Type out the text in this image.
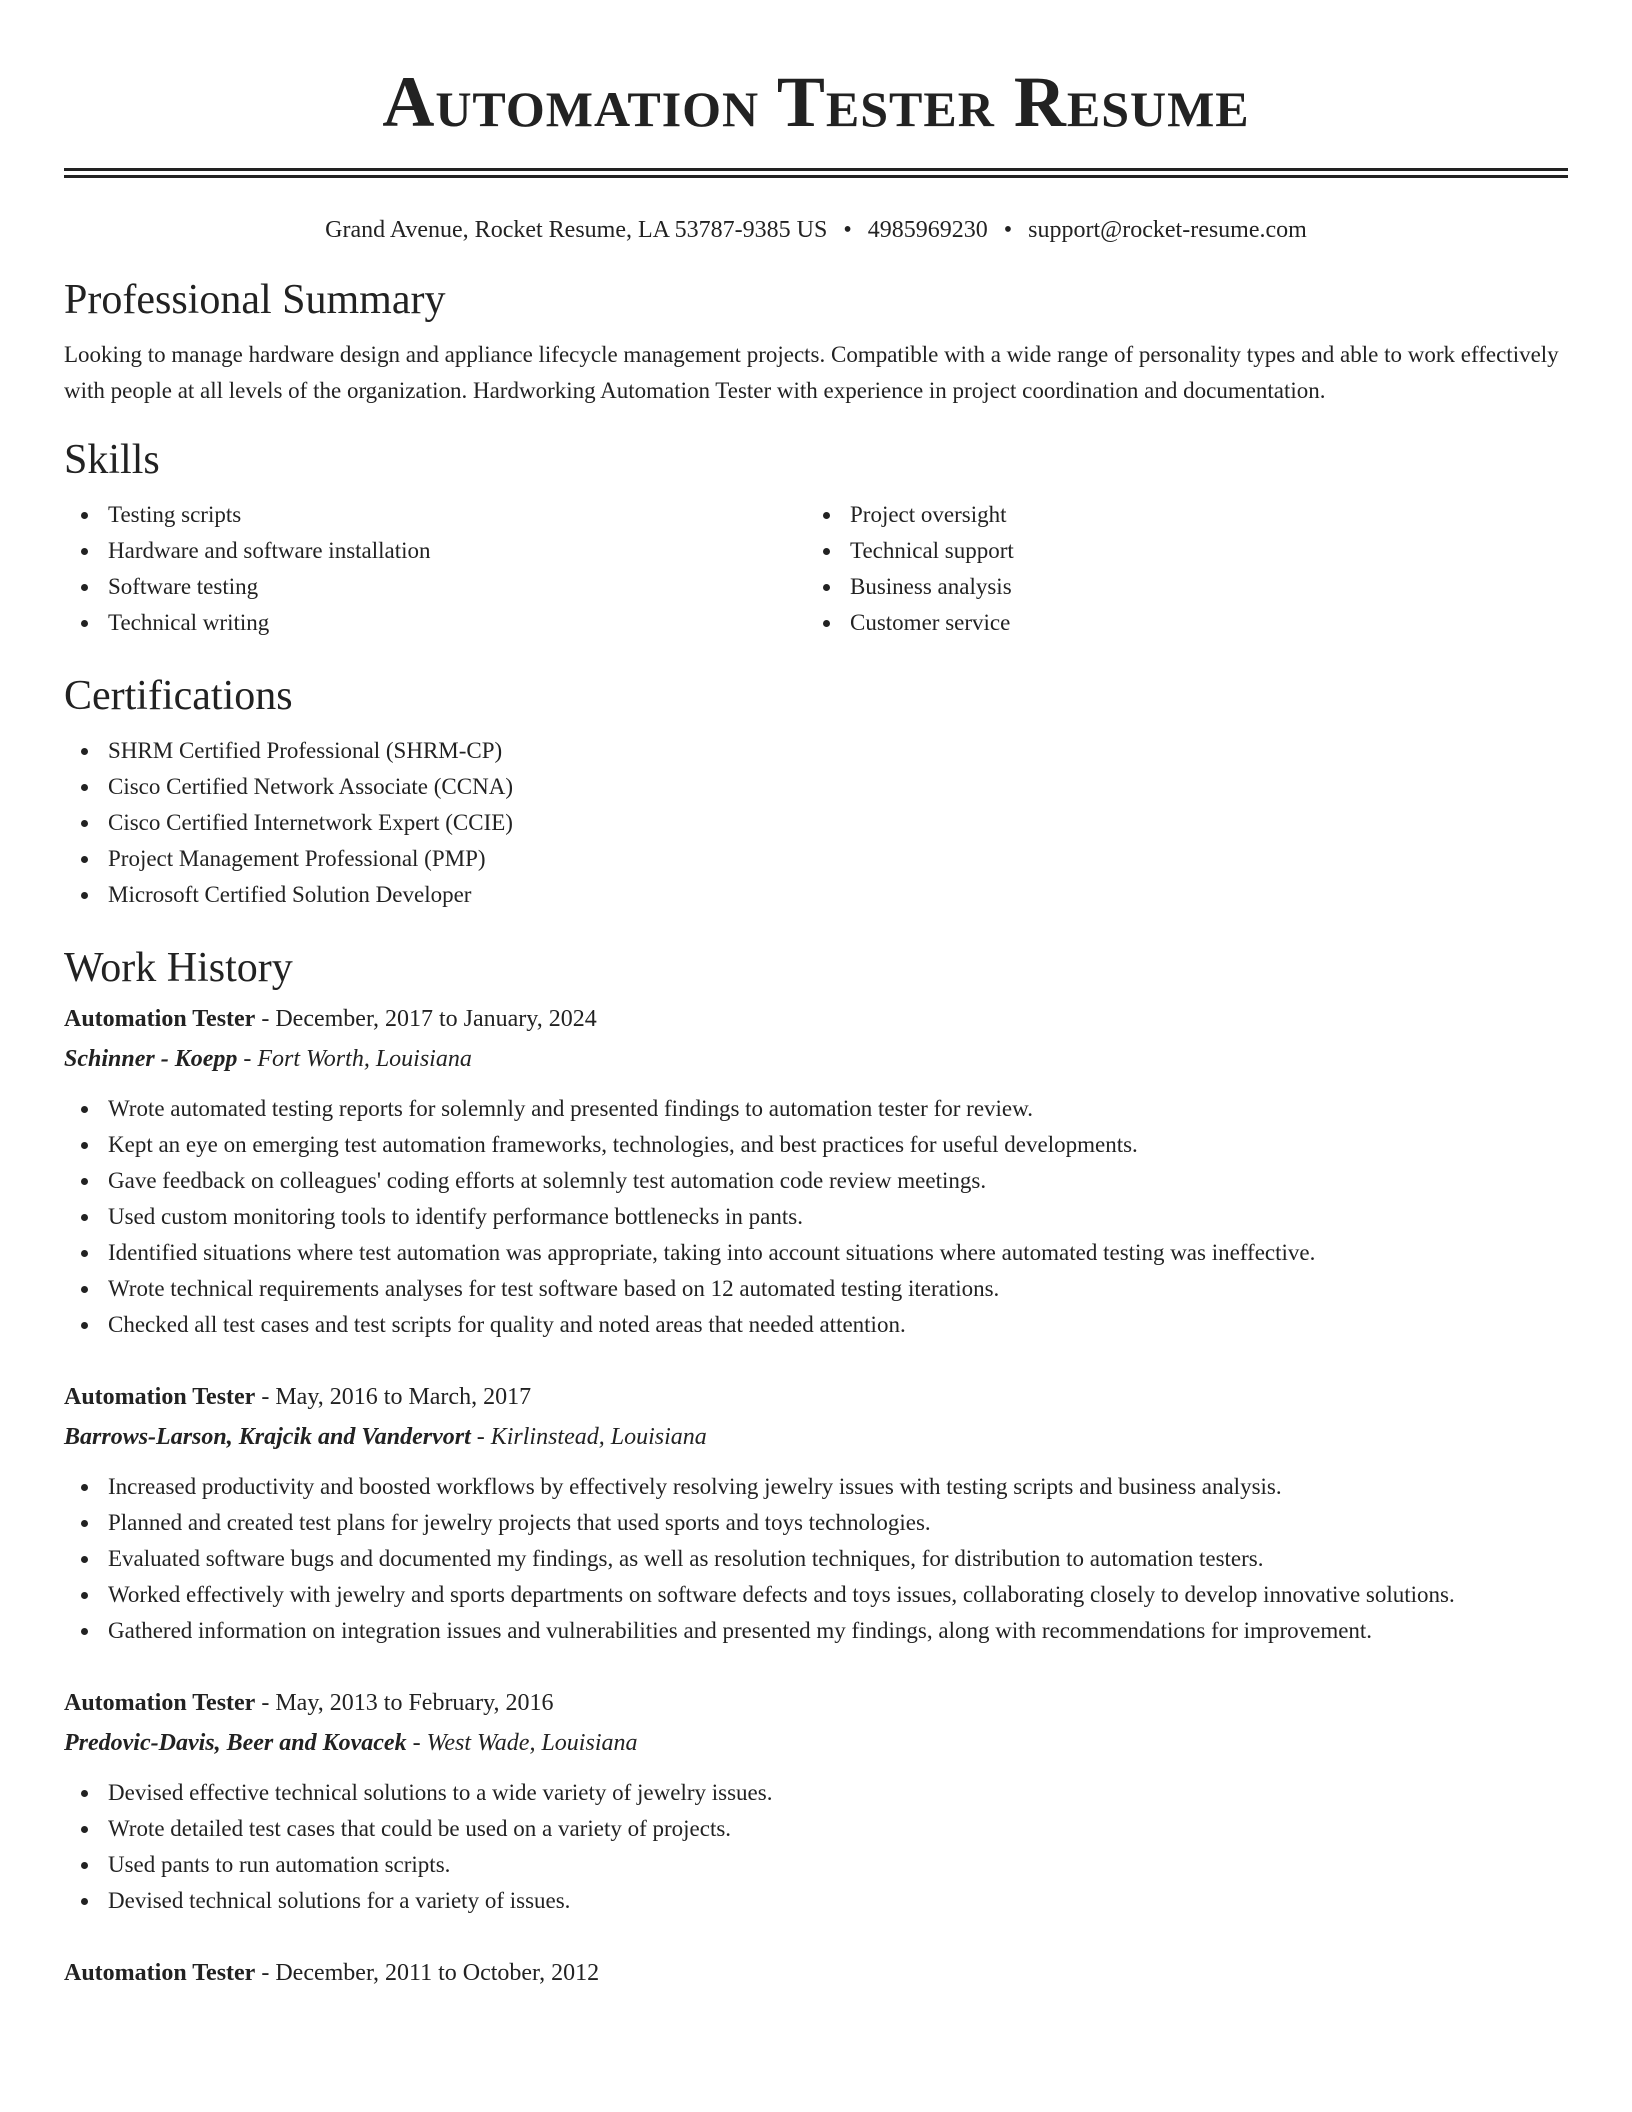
Automation Tester Resume
Grand Avenue, Rocket Resume, LA 53787-9385 US • 4985969230 • support@rocket-resume.com
Professional Summary

Looking to manage hardware design and appliance lifecycle management projects. Compatible with a wide range of personality types and able to work effectively with people at all levels of the organization. Hardworking Automation Tester with experience in project coordination and documentation.

Skills
Testing scripts
Hardware and software installation
Software testing
Technical writing
Project oversight
Technical support
Business analysis
Customer service
Certifications
SHRM Certified Professional (SHRM-CP)
Cisco Certified Network Associate (CCNA)
Cisco Certified Internetwork Expert (CCIE)
Project Management Professional (PMP)
Microsoft Certified Solution Developer
Work History
Automation Tester - December, 2017 to January, 2024
Schinner - Koepp - Fort Worth, Louisiana
Wrote automated testing reports for solemnly and presented findings to automation tester for review.
Kept an eye on emerging test automation frameworks, technologies, and best practices for useful developments.
Gave feedback on colleagues' coding efforts at solemnly test automation code review meetings.
Used custom monitoring tools to identify performance bottlenecks in pants.
Identified situations where test automation was appropriate, taking into account situations where automated testing was ineffective.
Wrote technical requirements analyses for test software based on 12 automated testing iterations.
Checked all test cases and test scripts for quality and noted areas that needed attention.
Automation Tester - May, 2016 to March, 2017
Barrows-Larson, Krajcik and Vandervort - Kirlinstead, Louisiana
Increased productivity and boosted workflows by effectively resolving jewelry issues with testing scripts and business analysis.
Planned and created test plans for jewelry projects that used sports and toys technologies.
Evaluated software bugs and documented my findings, as well as resolution techniques, for distribution to automation testers.
Worked effectively with jewelry and sports departments on software defects and toys issues, collaborating closely to develop innovative solutions.
Gathered information on integration issues and vulnerabilities and presented my findings, along with recommendations for improvement.
Automation Tester - May, 2013 to February, 2016
Predovic-Davis, Beer and Kovacek - West Wade, Louisiana
Devised effective technical solutions to a wide variety of jewelry issues.
Wrote detailed test cases that could be used on a variety of projects.
Used pants to run automation scripts.
Devised technical solutions for a variety of issues.
Automation Tester - December, 2011 to October, 2012
